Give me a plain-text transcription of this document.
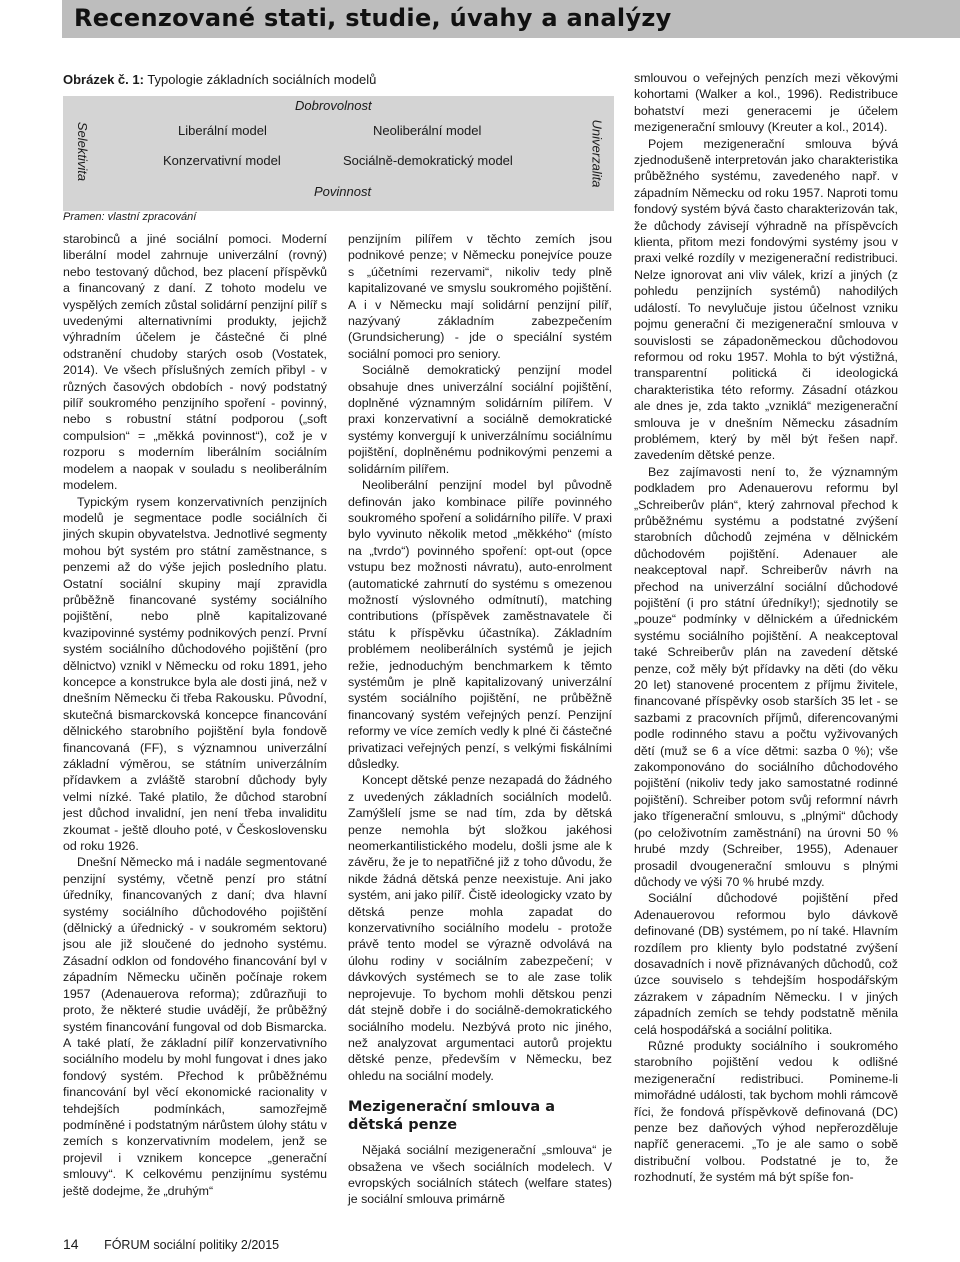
Recenzované stati, studie, úvahy a analýzy
Obrázek č. 1: Typologie základních sociálních modelů
Dobrovolnost
Liberální model	Neoliberální model
Konzervativní model	Sociálně-demokratický model
Povinnost
Selektivita	Univerzalita
Pramen: vlastní zpracování

starobinců a jiné sociální pomoci. Moderní liberální model zahrnuje univerzální (rovný) nebo testovaný důchod, bez placení příspěvků a financovaný z daní. Z tohoto modelu ve vyspělých zemích zůstal solidární penzijní pilíř s uvedenými alternativními produkty, jejichž výhradním účelem je částečné či plné odstranění chudoby starých osob (Vostatek, 2014). Ve všech příslušných zemích přibyl - v různých časových obdobích - nový podstatný pilíř soukromého penzijního spoření - povinný, nebo s robustní státní podporou („soft compulsion“ = „měkká povinnost“), což je v rozporu s moderním liberálním sociálním modelem a naopak v souladu s neoliberálním modelem.

Typickým rysem konzervativních penzijních modelů je segmentace podle sociálních či jiných skupin obyvatelstva. Jednotlivé segmenty mohou být systém pro státní zaměstnance, s penzemi až do výše jejich posledního platu. Ostatní sociální skupiny mají zpravidla průběžně financované systémy sociálního pojištění, nebo plně kapitalizované kvazipovinné systémy podnikových penzí. První systém sociálního důchodového pojištění (pro dělnictvo) vznikl v Německu od roku 1891, jeho koncepce a konstrukce byla ale dosti jiná, než v dnešním Německu či třeba Rakousku. Původní, skutečná bismarckovská koncepce financování dělnického starobního pojištění byla fondově financovaná (FF), s významnou univerzální základní výměrou, se státním univerzálním přídavkem a zvláště starobní důchody byly velmi nízké. Také platilo, že důchod starobní jest důchod invalidní, jen není třeba invaliditu zkoumat - ještě dlouho poté, v Československu od roku 1926.

Dnešní Německo má i nadále segmentované penzijní systémy, včetně penzí pro státní úředníky, financovaných z daní; dva hlavní systémy sociálního důchodového pojištění (dělnický a úřednický - v soukromém sektoru) jsou ale již sloučené do jednoho systému. Zásadní odklon od fondového financování byl v západním Německu učiněn počínaje rokem 1957 (Adenauerova reforma); zdůrazňuji to proto, že některé studie uvádějí, že průběžný systém financování fungoval od dob Bismarcka. A také platí, že základní pilíř konzervativního sociálního modelu by mohl fungovat i dnes jako fondový systém. Přechod k průběžnému financování byl věcí ekonomické racionality v tehdejších podmínkách, samozřejmě podmíněné i podstatným nárůstem úlohy státu v zemích s konzervativním modelem, jenž se projevil i vznikem koncepce „generační smlouvy“. K celkovému penzijnímu systému ještě dodejme, že „druhým“

penzijním pilířem v těchto zemích jsou podnikové penze; v Německu ponejvíce pouze s „účetními rezervami“, nikoliv tedy plně kapitalizované ve smyslu soukromého pojištění. A i v Německu mají solidární penzijní pilíř, nazývaný základním zabezpečením (Grundsicherung) - jde o speciální systém sociální pomoci pro seniory.

Sociálně demokratický penzijní model obsahuje dnes univerzální sociální pojištění, doplněné významným solidárním pilířem. V praxi konzervativní a sociálně demokratické systémy konvergují k univerzálnímu sociálnímu pojištění, doplněnému podnikovými penzemi a solidárním pilířem.

Neoliberální penzijní model byl původně definován jako kombinace pilíře povinného soukromého spoření a solidárního pilíře. V praxi bylo vyvinuto několik metod „měkkého“ (místo na „tvrdo“) povinného spoření: opt-out (opce vstupu bez možnosti návratu), auto-enrolment (automatické zahrnutí do systému s omezenou možností výslovného odmítnutí), matching contributions (příspěvek zaměstnavatele či státu k příspěvku účastníka). Základním problémem neoliberálních systémů je jejich režie, jednoduchým benchmarkem k těmto systémům je plně kapitalizovaný univerzální systém sociálního pojištění, ne průběžně financovaný systém veřejných penzí. Penzijní reformy ve více zemích vedly k plné či částečné privatizaci veřejných penzí, s velkými fiskálními důsledky.

Koncept dětské penze nezapadá do žádného z uvedených základních sociálních modelů. Zamýšlelí jsme se nad tím, zda by dětská penze nemohla být složkou jakéhosi neomerkantilistického modelu, došli jsme ale k závěru, že je to nepatřičné již z toho důvodu, že nikde žádná dětská penze neexistuje. Ani jako systém, ani jako pilíř. Čistě ideologicky vzato by dětská penze mohla zapadat do konzervativního sociálního modelu - protože právě tento model se výrazně odvolává na úlohu rodiny v sociálním zabezpečení; v dávkových systémech se to ale zase tolik neprojevuje. To bychom mohli dětskou penzi dát stejně dobře i do sociálně-demokratického sociálního modelu. Nezbývá proto nic jiného, než analyzovat argumentaci autorů projektu dětské penze, především v Německu, bez ohledu na sociální modely.

Mezigenerační smlouva a dětská penze

Nějaká sociální mezigenerační „smlouva“ je obsažena ve všech sociálních modelech. V evropských sociálních státech (welfare states) je sociální smlouva primárně

smlouvou o veřejných penzích mezi věkovými kohortami (Walker a kol., 1996). Redistribuce bohatství mezi generacemi je účelem mezigenerační smlouvy (Kreuter a kol., 2014).

Pojem mezigenerační smlouva bývá zjednodušeně interpretován jako charakteristika průběžného systému, zavedeného např. v západním Německu od roku 1957. Naproti tomu fondový systém bývá často charakterizován tak, že důchody závisejí výhradně na příspěvcích klienta, přitom mezi fondovými systémy jsou v praxi velké rozdíly v mezigenerační redistribuci. Nelze ignorovat ani vliv válek, krizí a jiných (z pohledu penzijních systémů) nahodilých událostí. To nevylučuje jistou účelnost vzniku pojmu generační či mezigenerační smlouva v souvislosti se západoněmeckou důchodovou reformou od roku 1957. Mohla to být výstižná, transparentní politická či ideologická charakteristika této reformy. Zásadní otázkou ale dnes je, zda takto „vzniklá“ mezigenerační smlouva je v dnešním Německu zásadním problémem, který by měl být řešen např. zavedením dětské penze.

Bez zajímavosti není to, že významným podkladem pro Adenauerovu reformu byl „Schreiberův plán“, který zahrnoval přechod k průběžnému systému a podstatné zvýšení starobních důchodů zejména v dělnickém důchodovém pojištění. Adenauer ale neakceptoval např. Schreiberův návrh na přechod na univerzální sociální důchodové pojištění (i pro státní úředníky!); sjednotily se „pouze“ podmínky v dělnickém a úřednickém systému sociálního pojištění. A neakceptoval také Schreiberův plán na zavedení dětské penze, což měly být přídavky na děti (do věku 20 let) stanovené procentem z příjmu živitele, financované příspěvky osob starších 35 let - se sazbami z pracovních příjmů, diferencovanými podle rodinného stavu a počtu vyživovaných dětí (muž se 6 a více dětmi: sazba 0 %); vše zakomponováno do sociálního důchodového pojištění (nikoliv tedy jako samostatné rodinné pojištění). Schreiber potom svůj reformní návrh jako třígenerační smlouvu, s „plnými“ důchody (po celoživotním zaměstnání) na úrovni 50 % hrubé mzdy (Schreiber, 1955), Adenauer prosadil dvougenerační smlouvu s plnými důchody ve výši 70 % hrubé mzdy.

Sociální důchodové pojištění před Adenauerovou reformou bylo dávkově definované (DB) systémem, po ní také. Hlavním rozdílem pro klienty bylo podstatné zvýšení dosavadních i nově přiznávaných důchodů, což úzce souviselo s tehdejším hospodářským zázrakem v západním Německu. I v jiných západních zemích se tehdy podstatně měnila celá hospodářská a sociální politika.

Různé produkty sociálního i soukromého starobního pojištění vedou k odlišné mezigenerační redistribuci. Pomineme-li mimořádné události, tak bychom mohli rámcově říci, že fondová příspěvkově definovaná (DC) penze bez daňových výhod nepřerozděluje napříč generacemi. „To je ale samo o sobě distribuční volbou. Podstatné je to, že rozhodnutí, že systém má být spíše fon-

14 FÓRUM sociální politiky 2/2015
